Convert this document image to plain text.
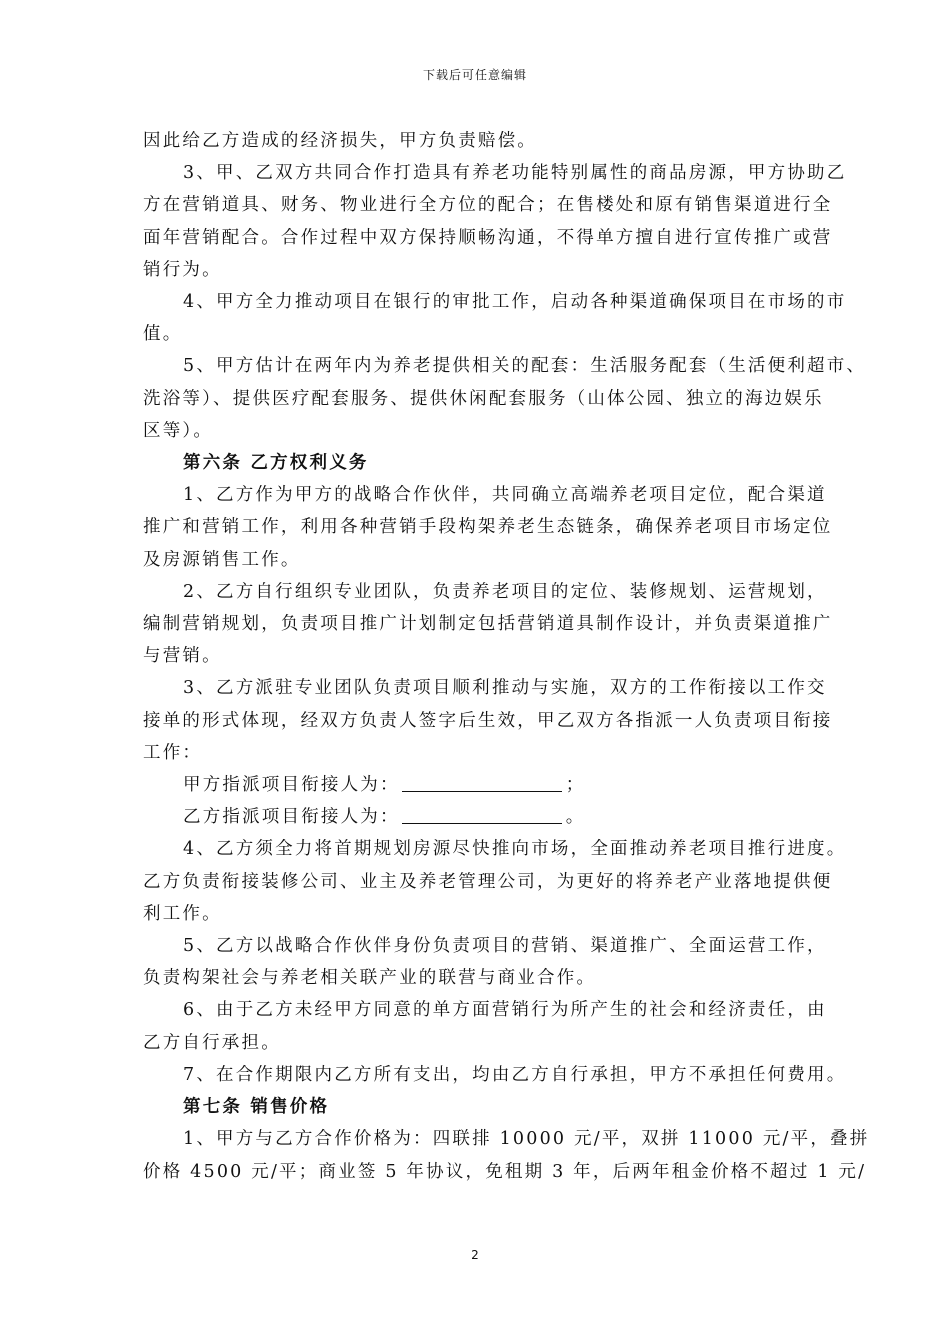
下载后可任意编辑
因此给乙方造成的经济损失，甲方负责赔偿。
3、甲、乙双方共同合作打造具有养老功能特别属性的商品房源，甲方协助乙
方在营销道具、财务、物业进行全方位的配合；在售楼处和原有销售渠道进行全
面年营销配合。合作过程中双方保持顺畅沟通，不得单方擅自进行宣传推广或营
销行为。
4、甲方全力推动项目在银行的审批工作，启动各种渠道确保项目在市场的市
值。
5、甲方估计在两年内为养老提供相关的配套：生活服务配套（生活便利超市、
洗浴等）、提供医疗配套服务、提供休闲配套服务（山体公园、独立的海边娱乐
区等）。
第六条 乙方权利义务
1、乙方作为甲方的战略合作伙伴，共同确立高端养老项目定位，配合渠道
推广和营销工作，利用各种营销手段构架养老生态链条，确保养老项目市场定位
及房源销售工作。
2、乙方自行组织专业团队，负责养老项目的定位、装修规划、运营规划，
编制营销规划，负责项目推广计划制定包括营销道具制作设计，并负责渠道推广
与营销。
3、乙方派驻专业团队负责项目顺利推动与实施，双方的工作衔接以工作交
接单的形式体现，经双方负责人签字后生效，甲乙双方各指派一人负责项目衔接
工作：
甲方指派项目衔接人为：	；
乙方指派项目衔接人为：	。
4、乙方须全力将首期规划房源尽快推向市场，全面推动养老项目推行进度。
乙方负责衔接装修公司、业主及养老管理公司，为更好的将养老产业落地提供便
利工作。
5、乙方以战略合作伙伴身份负责项目的营销、渠道推广、全面运营工作，
负责构架社会与养老相关联产业的联营与商业合作。
6、由于乙方未经甲方同意的单方面营销行为所产生的社会和经济责任，由
乙方自行承担。
7、在合作期限内乙方所有支出，均由乙方自行承担，甲方不承担任何费用。
第七条 销售价格
1、甲方与乙方合作价格为：四联排 10000 元/平，双拼 11000 元/平，叠拼
价格 4500 元/平；商业签 5 年协议，免租期 3 年，后两年租金价格不超过 1 元/
2
